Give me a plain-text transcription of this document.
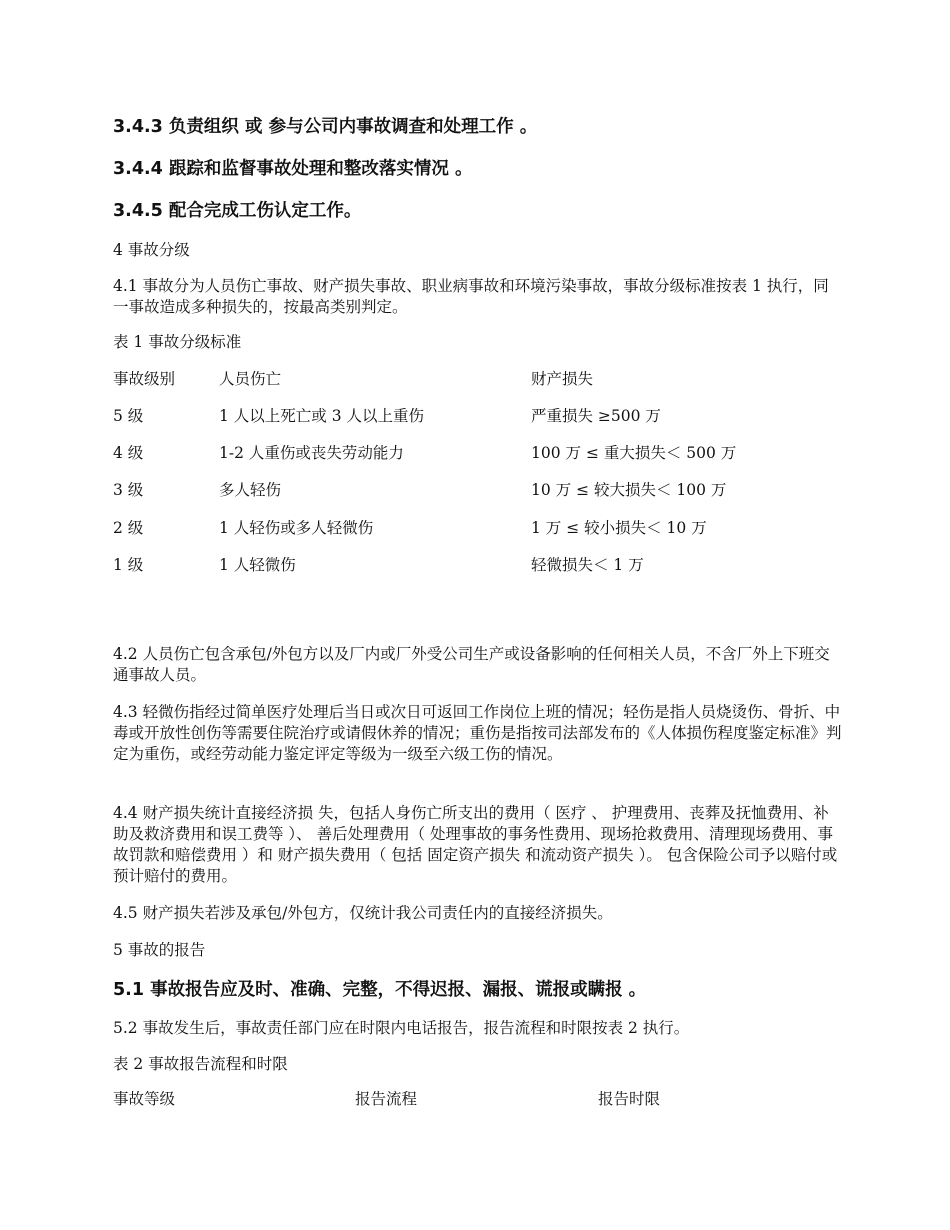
3.4.3 负责组织 或 参与公司内事故调查和处理工作 。
3.4.4 跟踪和监督事故处理和整改落实情况 。
3.4.5 配合完成工伤认定工作。
4 事故分级
4.1 事故分为人员伤亡事故、财产损失事故、职业病事故和环境污染事故，事故分级标准按表 1 执行，同一事故造成多种损失的，按最高类别判定。
表 1 事故分级标准
事故级别	人员伤亡	财产损失
5 级	1 人以上死亡或 3 人以上重伤	严重损失 ≥500 万
4 级	1-2 人重伤或丧失劳动能力	100 万 ≤ 重大损失＜ 500 万
3 级	多人轻伤	10 万 ≤ 较大损失＜ 100 万
2 级	1 人轻伤或多人轻微伤	1 万 ≤ 较小损失＜ 10 万
1 级	1 人轻微伤	轻微损失＜ 1 万
4.2 人员伤亡包含承包/外包方以及厂内或厂外受公司生产或设备影响的任何相关人员，不含厂外上下班交通事故人员。
4.3 轻微伤指经过简单医疗处理后当日或次日可返回工作岗位上班的情况；轻伤是指人员烧烫伤、骨折、中毒或开放性创伤等需要住院治疗或请假休养的情况；重伤是指按司法部发布的《人体损伤程度鉴定标准》判定为重伤，或经劳动能力鉴定评定等级为一级至六级工伤的情况。
4.4 财产损失统计直接经济损 失，包括人身伤亡所支出的费用（ 医疗 、 护理费用、丧葬及抚恤费用、补助及救济费用和误工费等 ）、 善后处理费用（ 处理事故的事务性费用、现场抢救费用、清理现场费用、事故罚款和赔偿费用 ）和 财产损失费用（ 包括 固定资产损失 和流动资产损失 ）。 包含保险公司予以赔付或预计赔付的费用。
4.5 财产损失若涉及承包/外包方，仅统计我公司责任内的直接经济损失。
5 事故的报告
5.1 事故报告应及时、准确、完整，不得迟报、漏报、谎报或瞒报 。
5.2 事故发生后，事故责任部门应在时限内电话报告，报告流程和时限按表 2 执行。
表 2 事故报告流程和时限
事故等级	报告流程	报告时限
